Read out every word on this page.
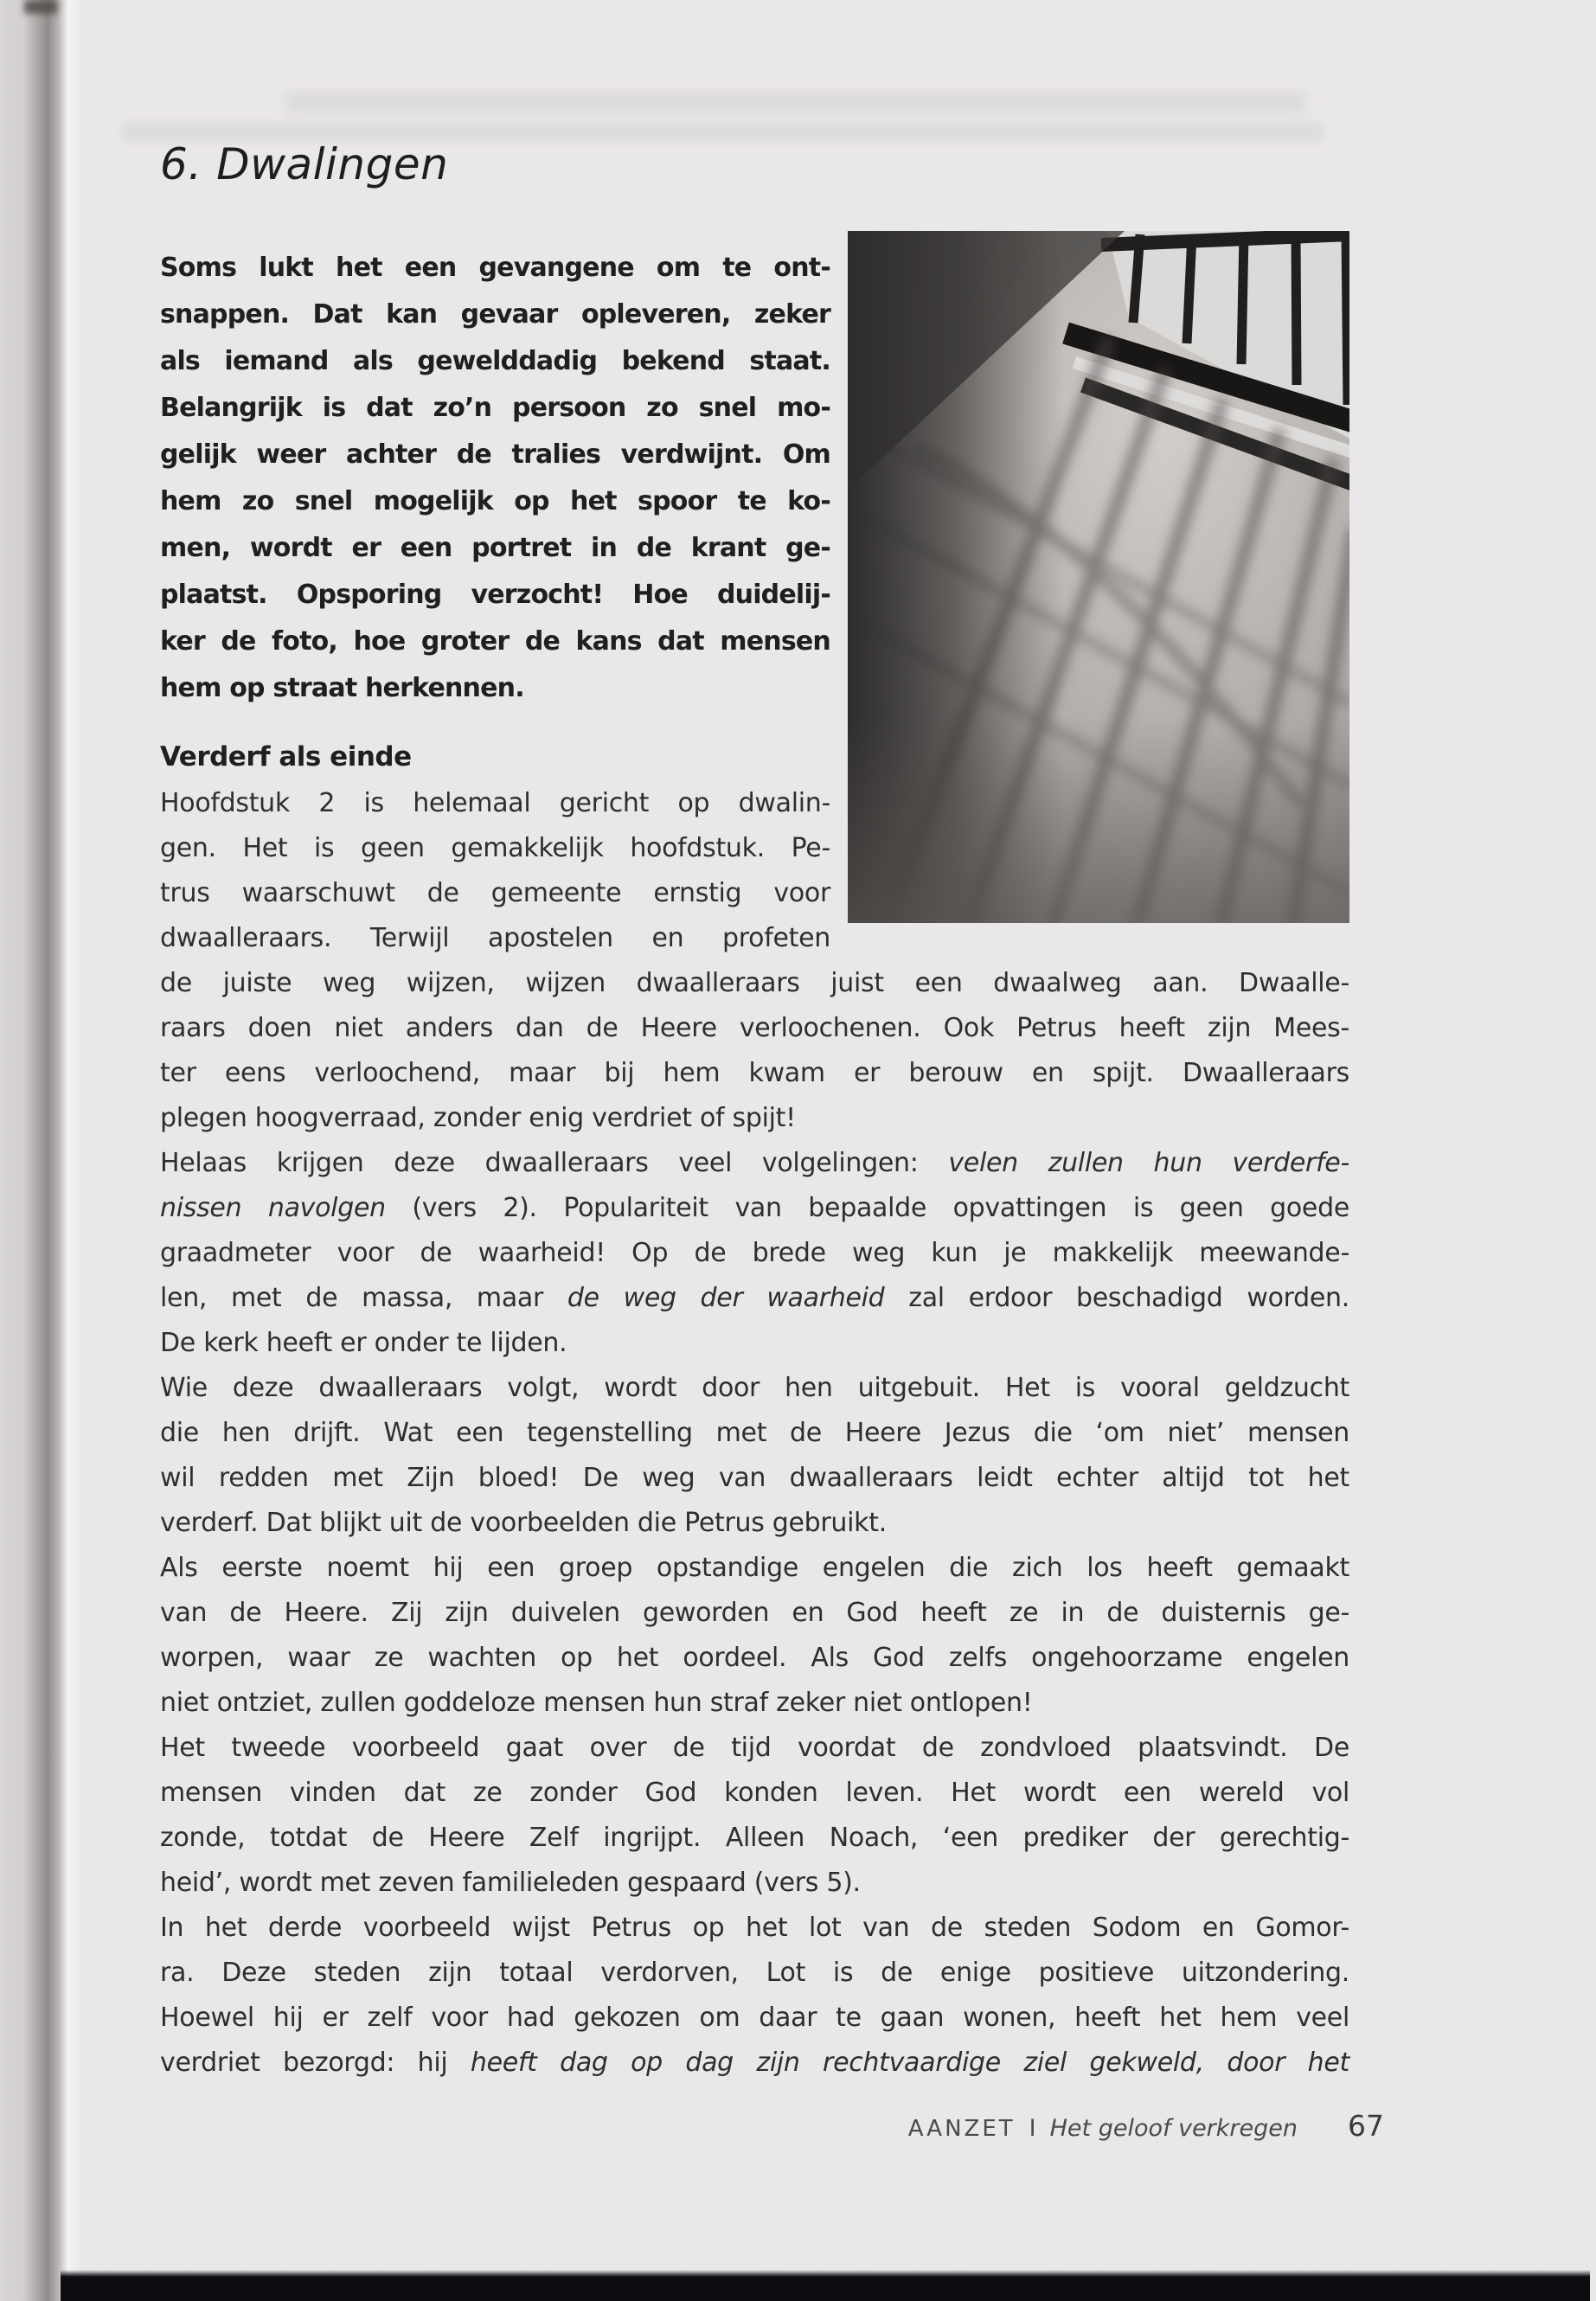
6. Dwalingen
Soms lukt het een gevangene om te ont-
snappen. Dat kan gevaar opleveren, zeker
als iemand als gewelddadig bekend staat.
Belangrijk is dat zo’n persoon zo snel mo-
gelijk weer achter de tralies verdwijnt. Om
hem zo snel mogelijk op het spoor te ko-
men, wordt er een portret in de krant ge-
plaatst. Opsporing verzocht! Hoe duidelij-
ker de foto, hoe groter de kans dat mensen
hem op straat herkennen.
Verderf als einde
Hoofdstuk 2 is helemaal gericht op dwalin-
gen. Het is geen gemakkelijk hoofdstuk. Pe-
trus waarschuwt de gemeente ernstig voor
dwaalleraars. Terwijl apostelen en profeten
de juiste weg wijzen, wijzen dwaalleraars juist een dwaalweg aan. Dwaalle-
raars doen niet anders dan de Heere verloochenen. Ook Petrus heeft zijn Mees-
ter eens verloochend, maar bij hem kwam er berouw en spijt. Dwaalleraars
plegen hoogverraad, zonder enig verdriet of spijt!
Helaas krijgen deze dwaalleraars veel volgelingen: velen zullen hun verderfe-
nissen navolgen (vers 2). Populariteit van bepaalde opvattingen is geen goede
graadmeter voor de waarheid! Op de brede weg kun je makkelijk meewande-
len, met de massa, maar de weg der waarheid zal erdoor beschadigd worden.
De kerk heeft er onder te lijden.
Wie deze dwaalleraars volgt, wordt door hen uitgebuit. Het is vooral geldzucht
die hen drijft. Wat een tegenstelling met de Heere Jezus die ‘om niet’ mensen
wil redden met Zijn bloed! De weg van dwaalleraars leidt echter altijd tot het
verderf. Dat blijkt uit de voorbeelden die Petrus gebruikt.
Als eerste noemt hij een groep opstandige engelen die zich los heeft gemaakt
van de Heere. Zij zijn duivelen geworden en God heeft ze in de duisternis ge-
worpen, waar ze wachten op het oordeel. Als God zelfs ongehoorzame engelen
niet ontziet, zullen goddeloze mensen hun straf zeker niet ontlopen!
Het tweede voorbeeld gaat over de tijd voordat de zondvloed plaatsvindt. De
mensen vinden dat ze zonder God konden leven. Het wordt een wereld vol
zonde, totdat de Heere Zelf ingrijpt. Alleen Noach, ‘een prediker der gerechtig-
heid’, wordt met zeven familieleden gespaard (vers 5).
In het derde voorbeeld wijst Petrus op het lot van de steden Sodom en Gomor-
ra. Deze steden zijn totaal verdorven, Lot is de enige positieve uitzondering.
Hoewel hij er zelf voor had gekozen om daar te gaan wonen, heeft het hem veel
verdriet bezorgd: hij heeft dag op dag zijn rechtvaardige ziel gekweld, door het
AANZET I Het geloof verkregen 67
